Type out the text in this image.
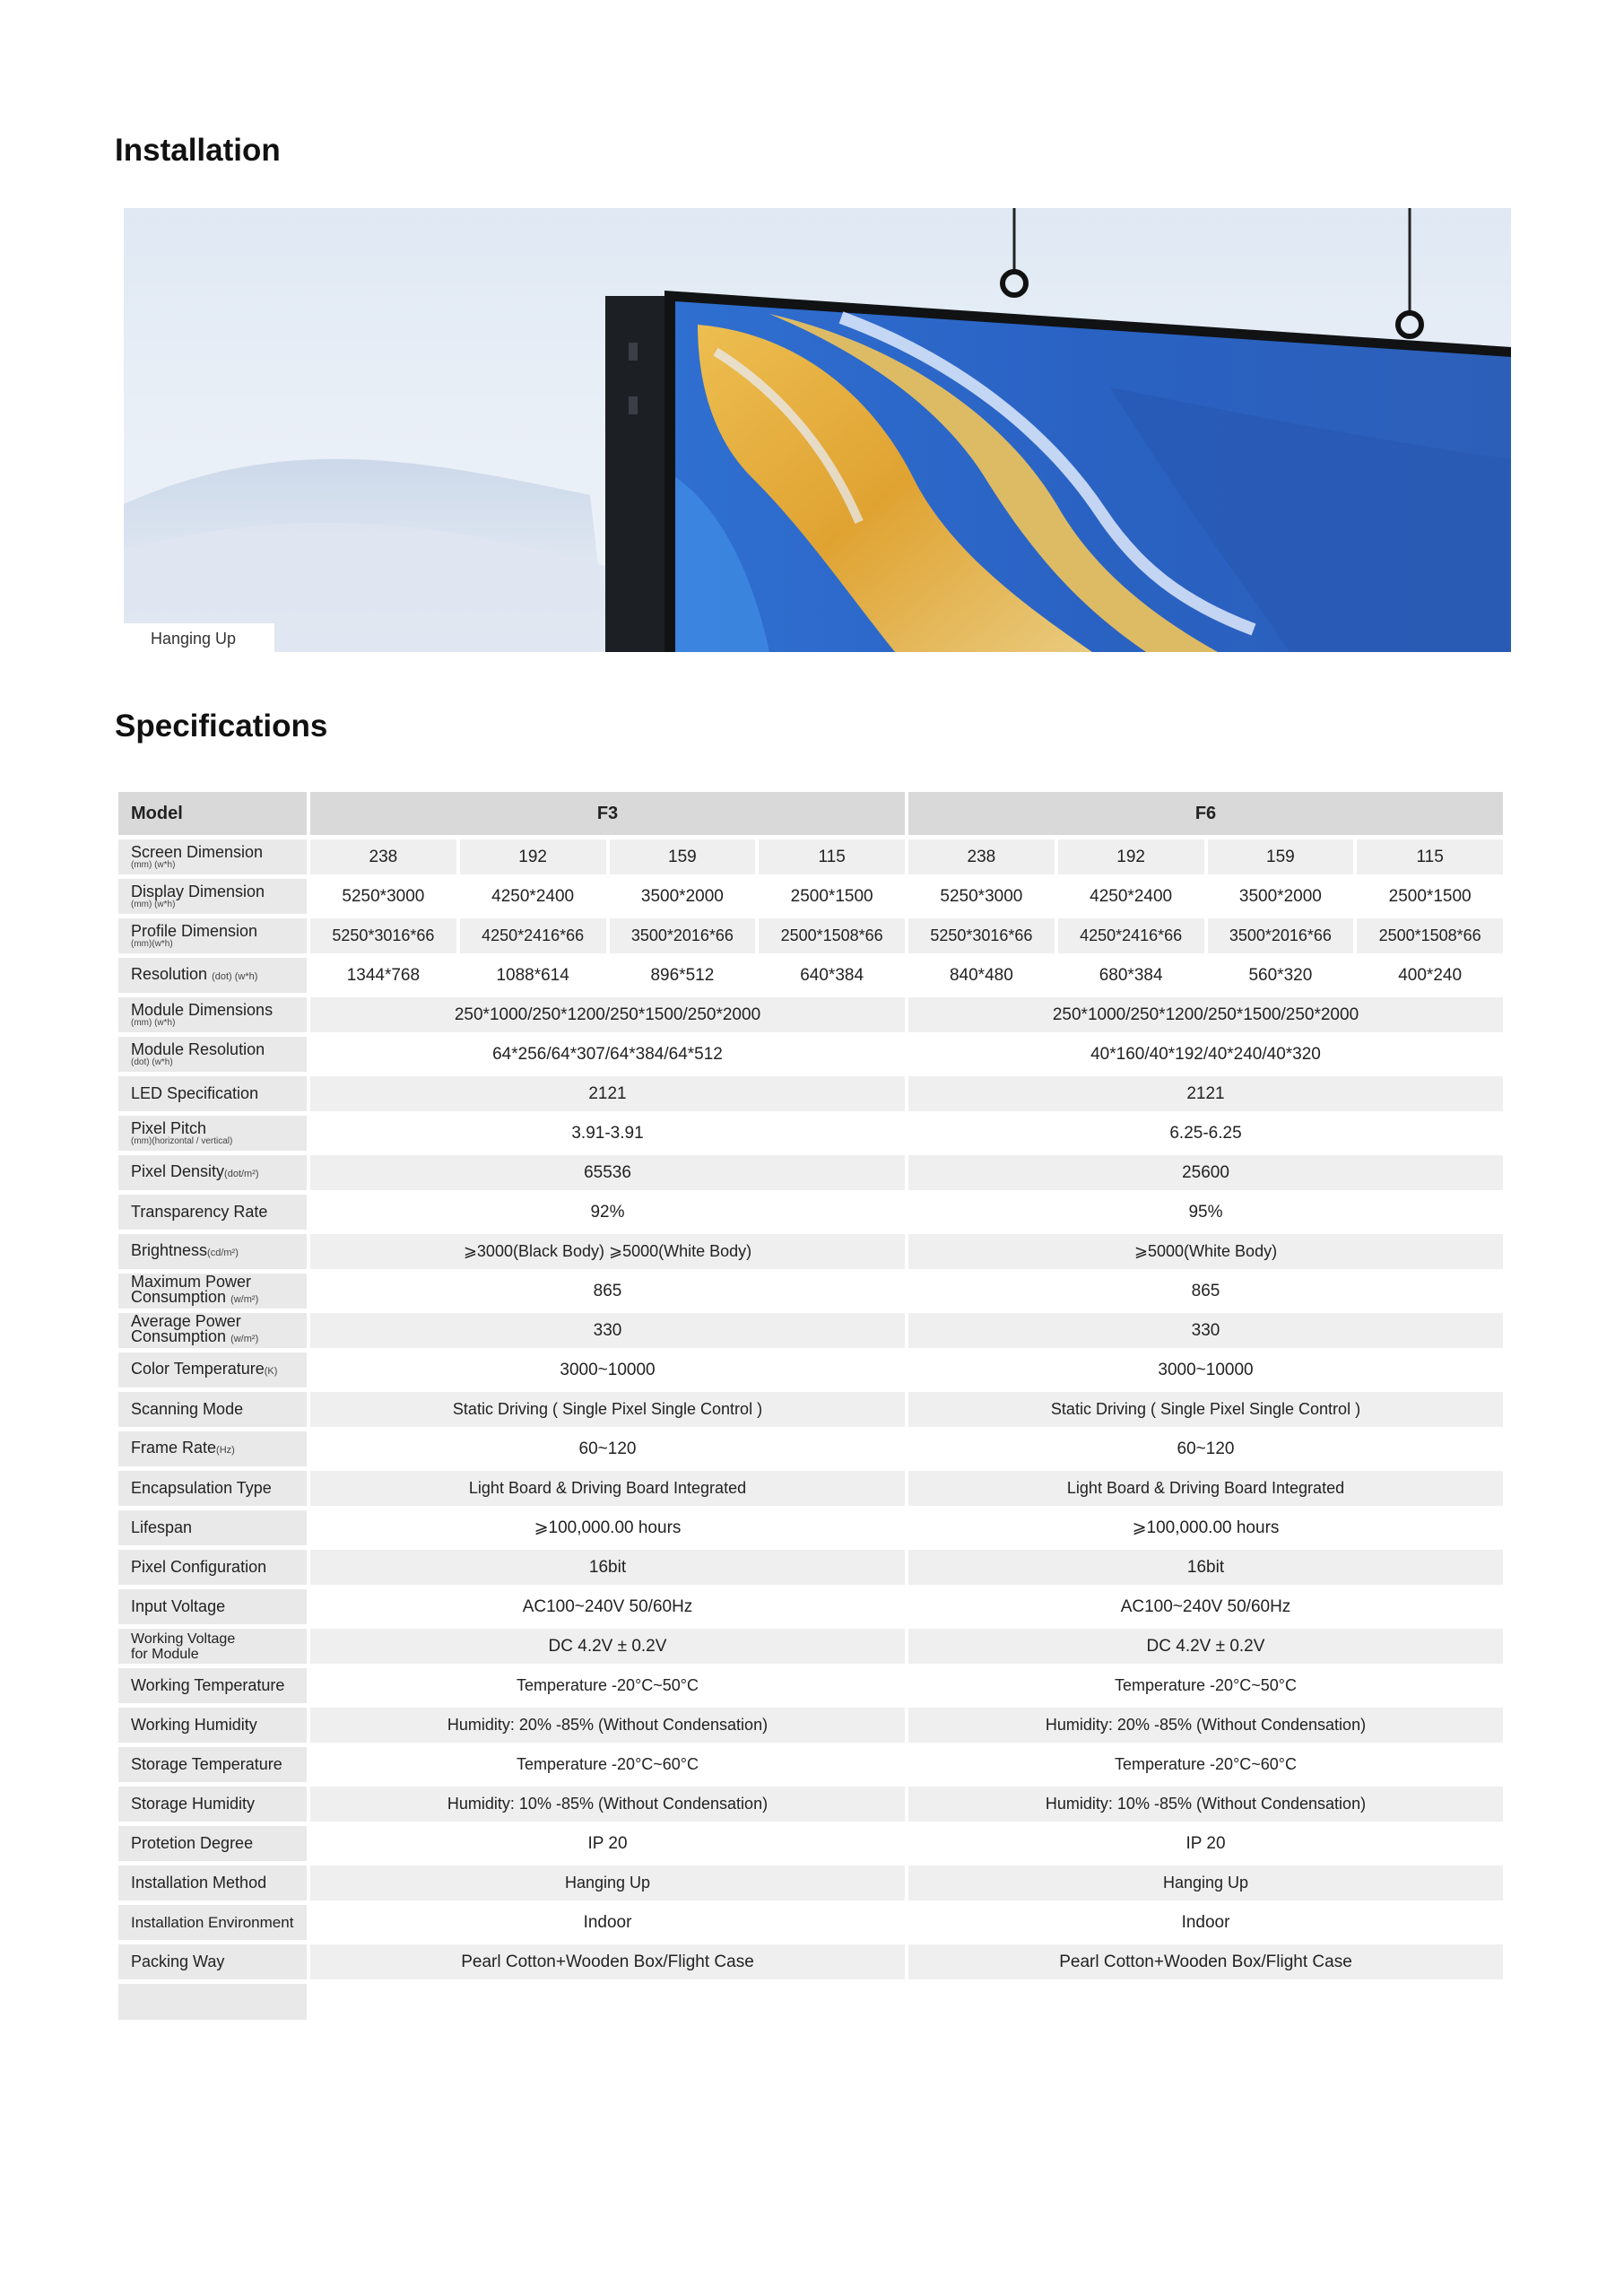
Installation
Hanging Up
Specifications
Model	F3				F6			

Screen Dimension
(mm) (w*h)	238	192	159	115	238	192	159	115

Display Dimension
(mm) (w*h)	5250*3000	4250*2400	3500*2000	2500*1500	5250*3000	4250*2400	3500*2000	2500*1500

Profile Dimension
(mm)(w*h)	5250*3016*66	4250*2416*66	3500*2016*66	2500*1508*66	5250*3016*66	4250*2416*66	3500*2016*66	2500*1508*66
Resolution (dot) (w*h)	1344*768	1088*614	896*512	640*384	840*480	680*384	560*320	400*240

Module Dimensions
(mm) (w*h)	250*1000/250*1200/250*1500/250*2000				250*1000/250*1200/250*1500/250*2000			

Module Resolution
(dot) (w*h)	64*256/64*307/64*384/64*512				40*160/40*192/40*240/40*320			
LED Specification	2121				2121			

Pixel Pitch
(mm)(horizontal / vertical)	3.91-3.91				6.25-6.25			
Pixel Density(dot/m²)	65536				25600			
Transparency Rate	92%				95%			
Brightness(cd/m²)	⩾3000(Black Body) ⩾5000(White Body)				⩾5000(White Body)			

Maximum Power
Consumption (w/m²)	865				865			

Average Power
Consumption (w/m²)	330				330			
Color Temperature(K)	3000~10000				3000~10000			
Scanning Mode	Static Driving ( Single Pixel Single Control )				Static Driving ( Single Pixel Single Control )			
Frame Rate(Hz)	60~120				60~120			
Encapsulation Type	Light Board & Driving Board Integrated				Light Board & Driving Board Integrated			
Lifespan	⩾100,000.00 hours				⩾100,000.00 hours			
Pixel Configuration	16bit				16bit			
Input Voltage	AC100~240V 50/60Hz				AC100~240V 50/60Hz			

Working Voltage
for Module	DC 4.2V ± 0.2V				DC 4.2V ± 0.2V			
Working Temperature	Temperature -20°C~50°C				Temperature -20°C~50°C			
Working Humidity	Humidity: 20% -85% (Without Condensation)				Humidity: 20% -85% (Without Condensation)			
Storage Temperature	Temperature -20°C~60°C				Temperature -20°C~60°C			
Storage Humidity	Humidity: 10% -85% (Without Condensation)				Humidity: 10% -85% (Without Condensation)			
Protetion Degree	IP 20				IP 20			
Installation Method	Hanging Up				Hanging Up			
Installation Environment	Indoor				Indoor			
Packing Way	Pearl Cotton+Wooden Box/Flight Case				Pearl Cotton+Wooden Box/Flight Case			
